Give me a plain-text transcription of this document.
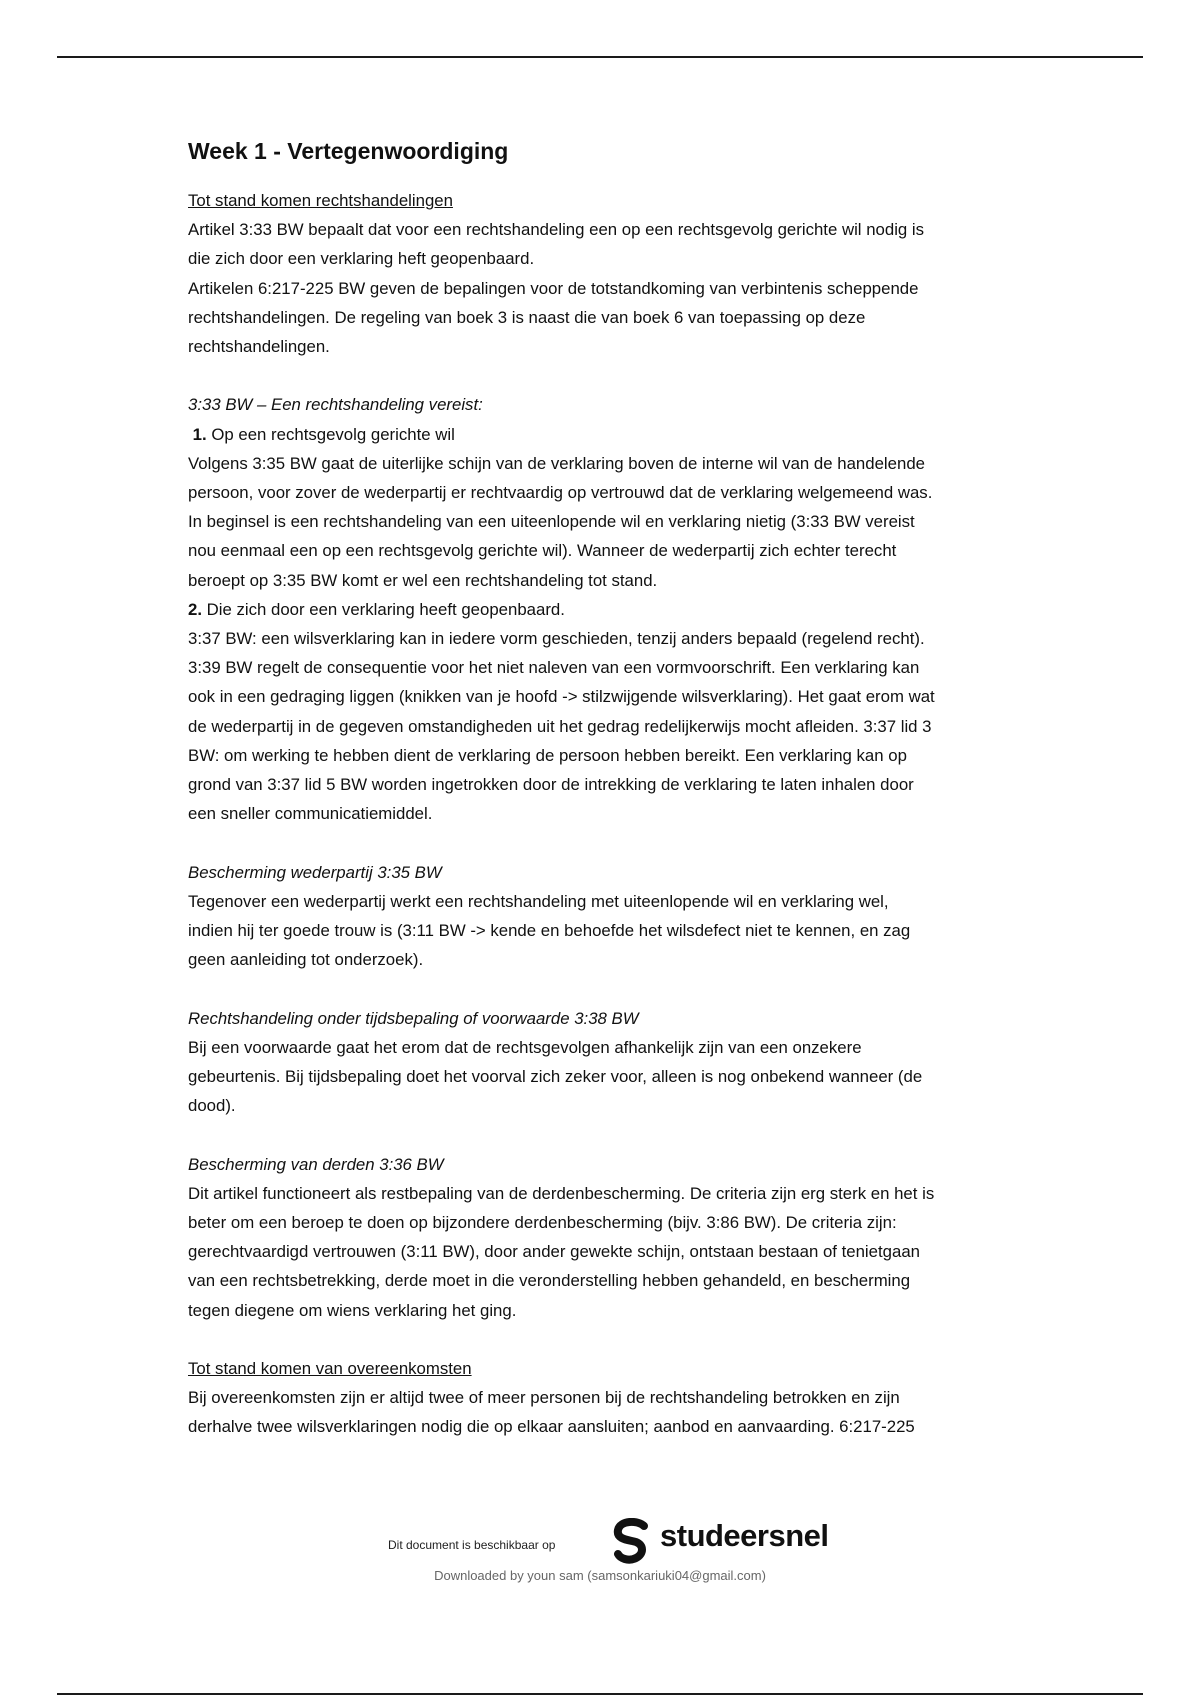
Week 1 - Vertegenwoordiging

Tot stand komen rechtshandelingen

Artikel 3:33 BW bepaalt dat voor een rechtshandeling een op een rechtsgevolg gerichte wil nodig is

die zich door een verklaring heft geopenbaard.

Artikelen 6:217-225 BW geven de bepalingen voor de totstandkoming van verbintenis scheppende

rechtshandelingen. De regeling van boek 3 is naast die van boek 6 van toepassing op deze

rechtshandelingen.

3:33 BW – Een rechtshandeling vereist:

1. Op een rechtsgevolg gerichte wil

Volgens 3:35 BW gaat de uiterlijke schijn van de verklaring boven de interne wil van de handelende

persoon, voor zover de wederpartij er rechtvaardig op vertrouwd dat de verklaring welgemeend was.

In beginsel is een rechtshandeling van een uiteenlopende wil en verklaring nietig (3:33 BW vereist

nou eenmaal een op een rechtsgevolg gerichte wil). Wanneer de wederpartij zich echter terecht

beroept op 3:35 BW komt er wel een rechtshandeling tot stand.

2. Die zich door een verklaring heeft geopenbaard.

3:37 BW: een wilsverklaring kan in iedere vorm geschieden, tenzij anders bepaald (regelend recht).

3:39 BW regelt de consequentie voor het niet naleven van een vormvoorschrift. Een verklaring kan

ook in een gedraging liggen (knikken van je hoofd -> stilzwijgende wilsverklaring). Het gaat erom wat

de wederpartij in de gegeven omstandigheden uit het gedrag redelijkerwijs mocht afleiden. 3:37 lid 3

BW: om werking te hebben dient de verklaring de persoon hebben bereikt. Een verklaring kan op

grond van 3:37 lid 5 BW worden ingetrokken door de intrekking de verklaring te laten inhalen door

een sneller communicatiemiddel.

Bescherming wederpartij 3:35 BW

Tegenover een wederpartij werkt een rechtshandeling met uiteenlopende wil en verklaring wel,

indien hij ter goede trouw is (3:11 BW -> kende en behoefde het wilsdefect niet te kennen, en zag

geen aanleiding tot onderzoek).

Rechtshandeling onder tijdsbepaling of voorwaarde 3:38 BW

Bij een voorwaarde gaat het erom dat de rechtsgevolgen afhankelijk zijn van een onzekere

gebeurtenis. Bij tijdsbepaling doet het voorval zich zeker voor, alleen is nog onbekend wanneer (de

dood).

Bescherming van derden 3:36 BW

Dit artikel functioneert als restbepaling van de derdenbescherming. De criteria zijn erg sterk en het is

beter om een beroep te doen op bijzondere derdenbescherming (bijv. 3:86 BW). De criteria zijn:

gerechtvaardigd vertrouwen (3:11 BW), door ander gewekte schijn, ontstaan bestaan of tenietgaan

van een rechtsbetrekking, derde moet in die veronderstelling hebben gehandeld, en bescherming

tegen diegene om wiens verklaring het ging.

Tot stand komen van overeenkomsten

Bij overeenkomsten zijn er altijd twee of meer personen bij de rechtshandeling betrokken en zijn

derhalve twee wilsverklaringen nodig die op elkaar aansluiten; aanbod en aanvaarding. 6:217-225

Dit document is beschikbaar op	studeersnel
Downloaded by youn sam (samsonkariuki04@gmail.com)
